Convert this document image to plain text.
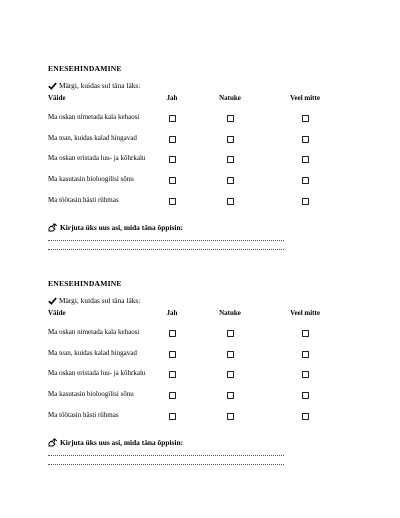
ENESEHINDAMINE
Märgi, kuidas sul täna läks:
Väide	Jah	Natuke	Veel mitte
Ma oskan nimetada kala kehaosi			
Ma tean, kuidas kalad hingavad			
Ma oskan eristada luu- ja kõhrkalu			
Ma kasutasin bioloogilisi sõnu			
Ma töötasin hästi rühmas			
Kirjuta üks uus asi, mida täna õppisin:
ENESEHINDAMINE
Märgi, kuidas sul täna läks:
Väide	Jah	Natuke	Veel mitte
Ma oskan nimetada kala kehaosi			
Ma tean, kuidas kalad hingavad			
Ma oskan eristada luu- ja kõhrkalu			
Ma kasutasin bioloogilisi sõnu			
Ma töötasin hästi rühmas			
Kirjuta üks uus asi, mida täna õppisin:
